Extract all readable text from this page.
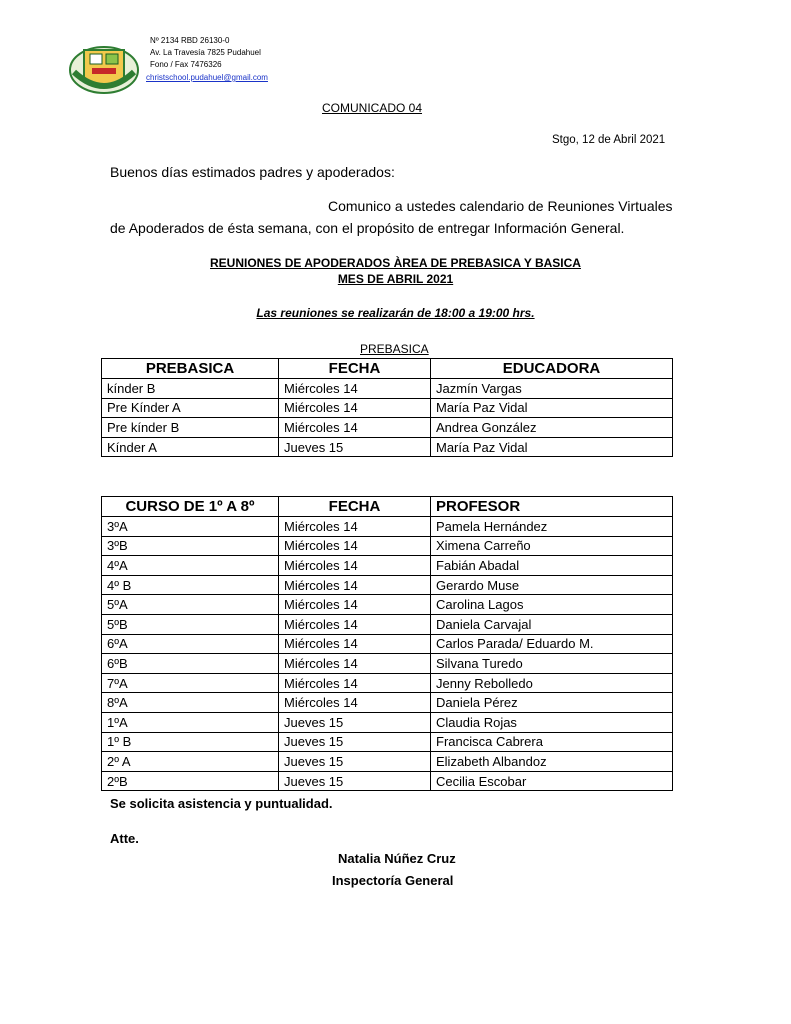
Nº 2134 RBD 26130-0
Av. La Travesía 7825 Pudahuel
Fono / Fax 7476326
christschool.pudahuel@gmail.com
COMUNICADO 04
Stgo, 12 de Abril 2021
Buenos días estimados padres y apoderados:
Comunico a ustedes calendario de Reuniones Virtuales
de Apoderados de ésta semana, con el propósito de entregar Información General.
REUNIONES DE APODERADOS ÀREA DE PREBASICA Y BASICA
MES DE ABRIL 2021
Las reuniones se realizarán de 18:00 a 19:00 hrs.
PREBASICA
PREBASICA	FECHA	EDUCADORA
kínder B	Miércoles 14	Jazmín Vargas
Pre Kínder A	Miércoles 14	María Paz Vidal
Pre kínder B	Miércoles 14	Andrea González
Kínder A	Jueves 15	María Paz Vidal
CURSO DE 1º A 8º	FECHA	PROFESOR
3ºA	Miércoles 14	Pamela Hernández
3ºB	Miércoles 14	Ximena Carreño
4ºA	Miércoles 14	Fabián Abadal
4º B	Miércoles 14	Gerardo Muse
5ºA	Miércoles 14	Carolina Lagos
5ºB	Miércoles 14	Daniela Carvajal
6ºA	Miércoles 14	Carlos Parada/ Eduardo M.
6ºB	Miércoles 14	Silvana Turedo
7ºA	Miércoles 14	Jenny Rebolledo
8ºA	Miércoles 14	Daniela Pérez
1ºA	Jueves 15	Claudia Rojas
1º B	Jueves 15	Francisca Cabrera
2º A	Jueves 15	Elizabeth Albandoz
2ºB	Jueves 15	Cecilia Escobar
Se solicita asistencia y puntualidad.
Atte.
Natalia Núñez Cruz
Inspectoría General
